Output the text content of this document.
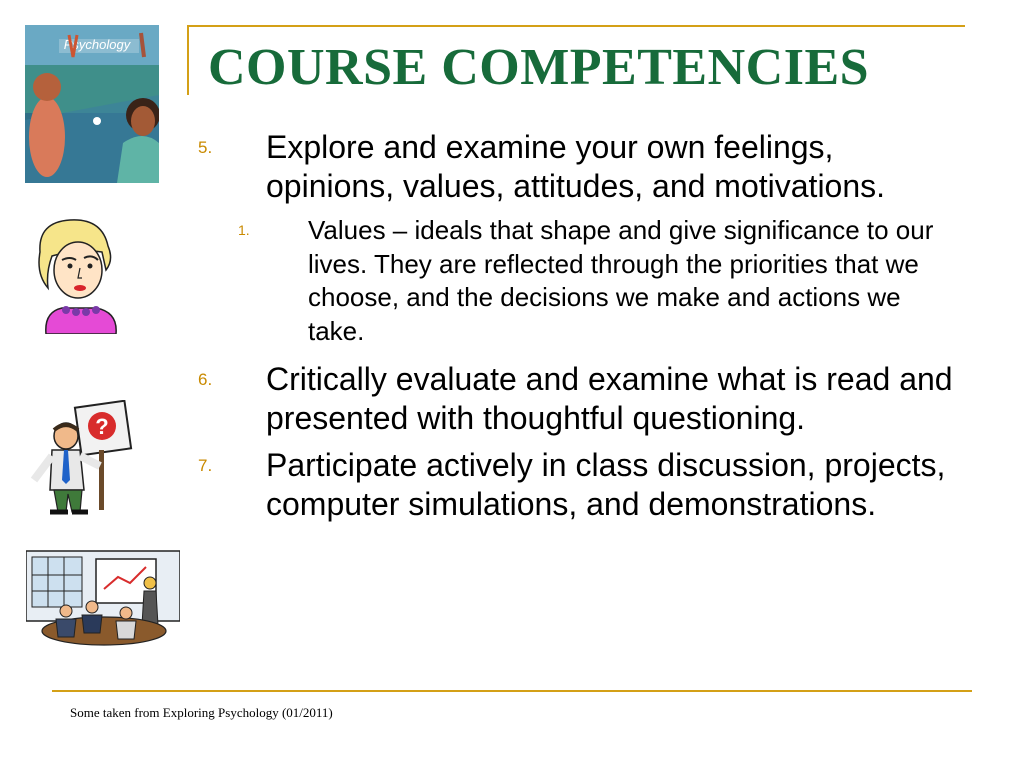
COURSE COMPETENCIES
Psychology
?
5.	Explore and examine your own feelings, opinions, values, attitudes, and motivations.
1.	Values – ideals that shape and give significance to our lives. They are reflected through the priorities that we choose, and the decisions we make and actions we take.
6.	Critically evaluate and examine what is read and presented with thoughtful questioning.
7.	Participate actively in class discussion, projects, computer simulations, and demonstrations.
Some taken from Exploring Psychology (01/2011)
